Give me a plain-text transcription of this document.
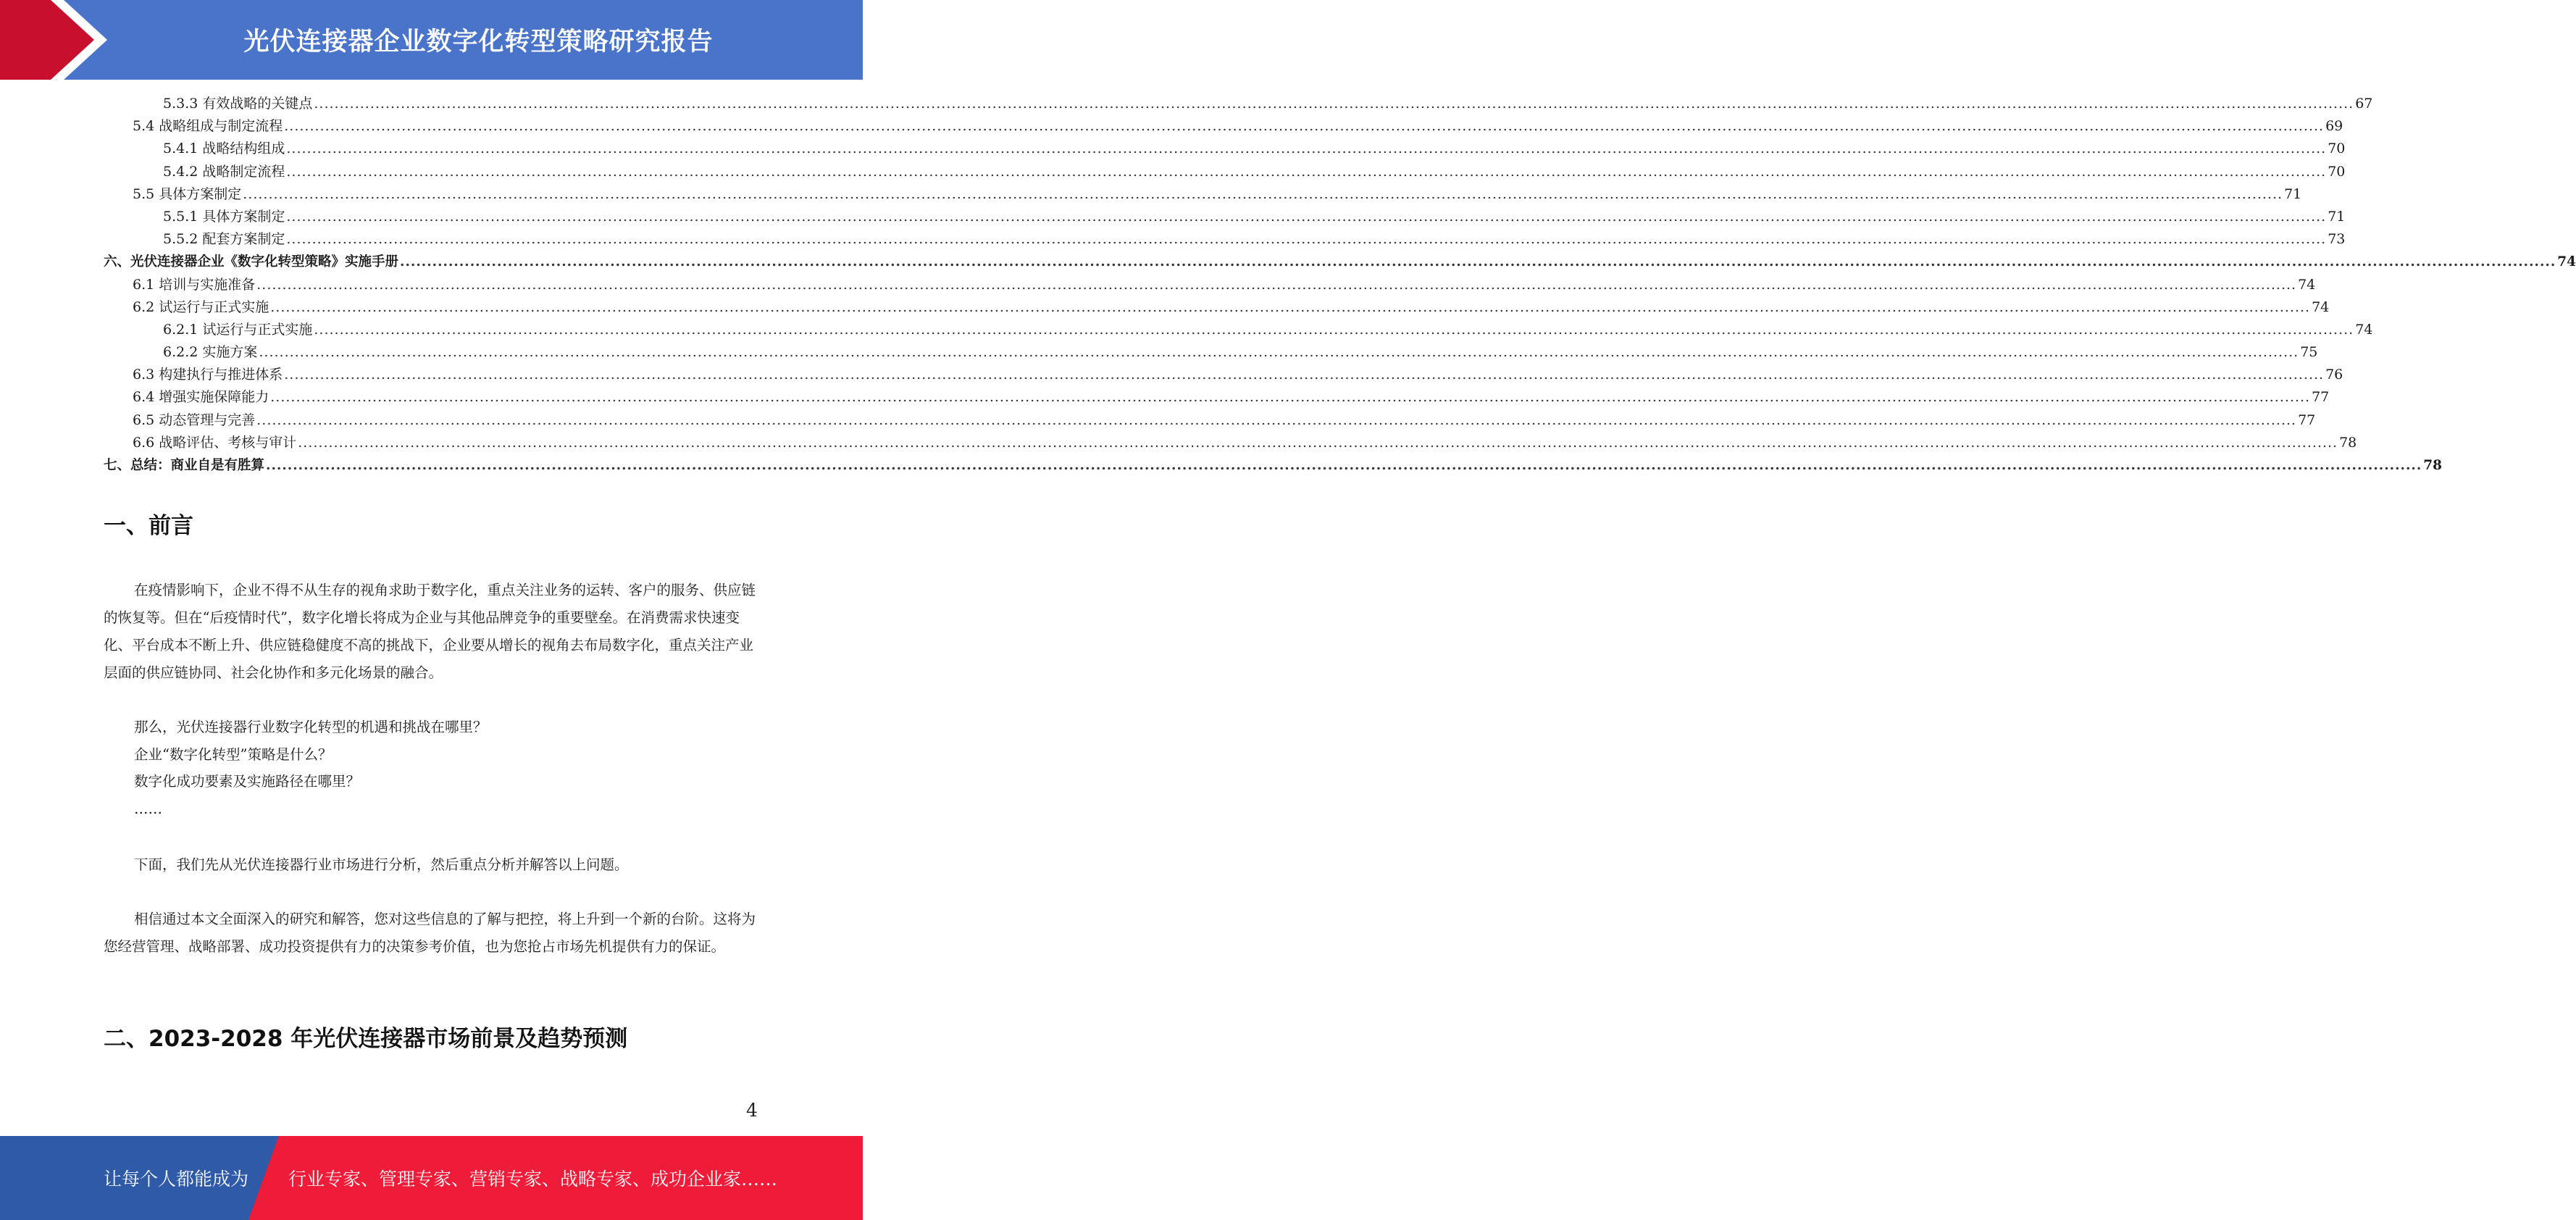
光伏连接器企业数字化转型策略研究报告
5.3.3 有效战略的关键点 ................................................................................................................................................................................................................................................................................................................................................................................................................ 67
5.4 战略组成与制定流程 ................................................................................................................................................................................................................................................................................................................................................................................................................ 69
5.4.1 战略结构组成 ................................................................................................................................................................................................................................................................................................................................................................................................................ 70
5.4.2 战略制定流程 ................................................................................................................................................................................................................................................................................................................................................................................................................ 70
5.5 具体方案制定 ................................................................................................................................................................................................................................................................................................................................................................................................................ 71
5.5.1 具体方案制定 ................................................................................................................................................................................................................................................................................................................................................................................................................ 71
5.5.2 配套方案制定 ................................................................................................................................................................................................................................................................................................................................................................................................................ 73
六、光伏连接器企业《数字化转型策略》实施手册 ................................................................................................................................................................................................................................................................................................................................................................................................................ 74
6.1 培训与实施准备 ................................................................................................................................................................................................................................................................................................................................................................................................................ 74
6.2 试运行与正式实施 ................................................................................................................................................................................................................................................................................................................................................................................................................ 74
6.2.1 试运行与正式实施 ................................................................................................................................................................................................................................................................................................................................................................................................................ 74
6.2.2 实施方案 ................................................................................................................................................................................................................................................................................................................................................................................................................ 75
6.3 构建执行与推进体系 ................................................................................................................................................................................................................................................................................................................................................................................................................ 76
6.4 增强实施保障能力 ................................................................................................................................................................................................................................................................................................................................................................................................................ 77
6.5 动态管理与完善 ................................................................................................................................................................................................................................................................................................................................................................................................................ 77
6.6 战略评估、考核与审计 ................................................................................................................................................................................................................................................................................................................................................................................................................ 78
七、总结：商业自是有胜算 ................................................................................................................................................................................................................................................................................................................................................................................................................ 78
一、前言

在疫情影响下，企业不得不从生存的视角求助于数字化，重点关注业务的运转、客户的服务、供应链的恢复等。但在“后疫情时代”，数字化增长将成为企业与其他品牌竞争的重要壁垒。在消费需求快速变化、平台成本不断上升、供应链稳健度不高的挑战下，企业要从增长的视角去布局数字化，重点关注产业层面的供应链协同、社会化协作和多元化场景的融合。

那么，光伏连接器行业数字化转型的机遇和挑战在哪里？
企业“数字化转型”策略是什么？
数字化成功要素及实施路径在哪里？
……

下面，我们先从光伏连接器行业市场进行分析，然后重点分析并解答以上问题。

相信通过本文全面深入的研究和解答，您对这些信息的了解与把控，将上升到一个新的台阶。这将为您经营管理、战略部署、成功投资提供有力的决策参考价值，也为您抢占市场先机提供有力的保证。

二、2023-2028 年光伏连接器市场前景及趋势预测
4
让每个人都能成为 行业专家、管理专家、营销专家、战略专家、成功企业家……
